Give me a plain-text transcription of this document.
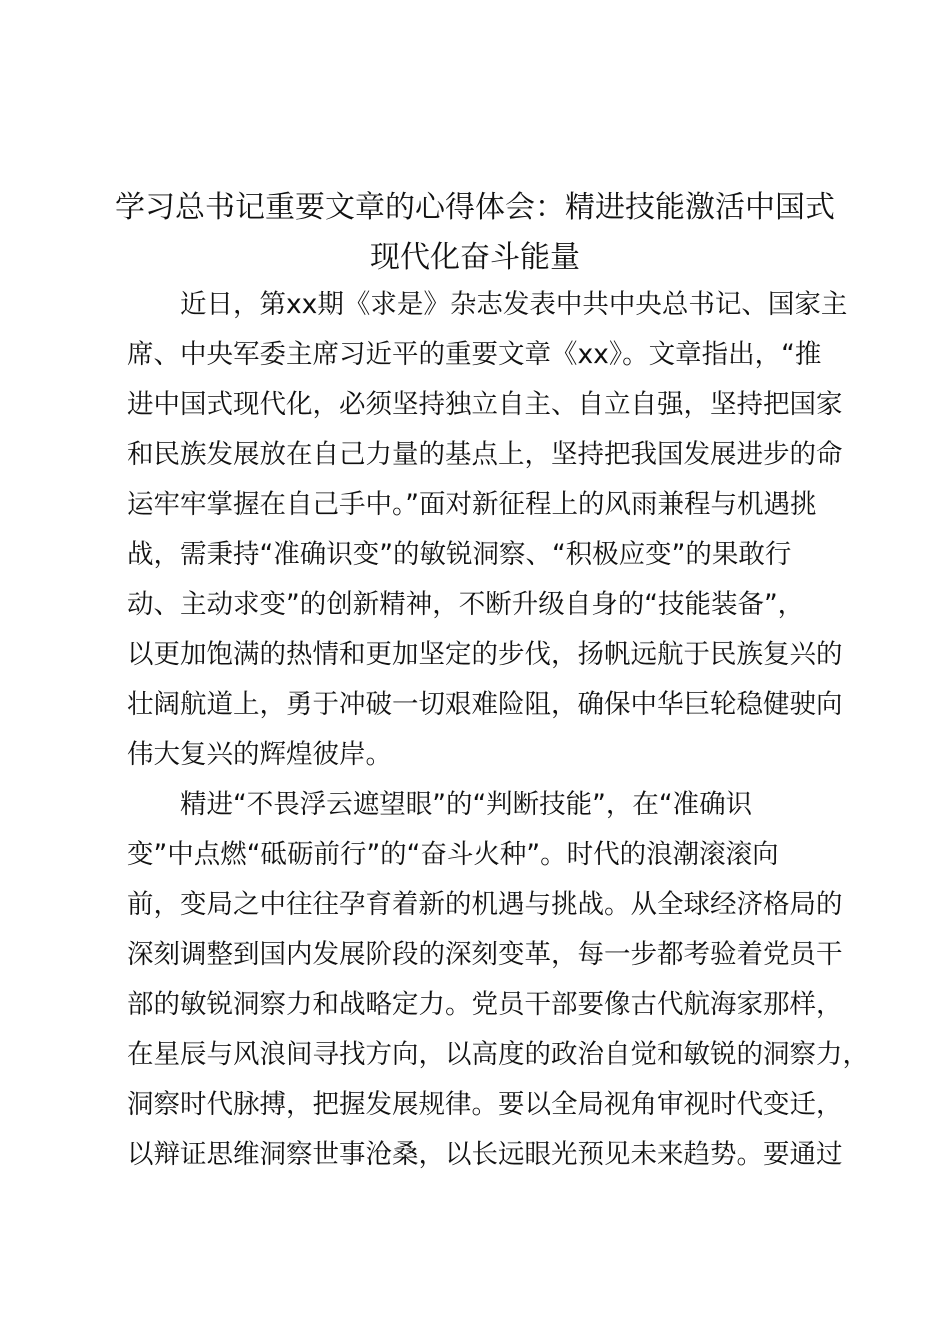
学习总书记重要文章的心得体会：精进技能激活中国式
现代化奋斗能量

近日，第xx期《求是》杂志发表中共中央总书记、国家主
席、中央军委主席习近平的重要文章《xx》。文章指出，“推
进中国式现代化，必须坚持独立自主、自立自强，坚持把国家
和民族发展放在自己力量的基点上，坚持把我国发展进步的命
运牢牢掌握在自己手中。”面对新征程上的风雨兼程与机遇挑
战，需秉持“准确识变”的敏锐洞察、“积极应变”的果敢行
动、主动求变”的创新精神，不断升级自身的“技能装备”，
以更加饱满的热情和更加坚定的步伐，扬帆远航于民族复兴的
壮阔航道上，勇于冲破一切艰难险阻，确保中华巨轮稳健驶向
伟大复兴的辉煌彼岸。

精进“不畏浮云遮望眼”的“判断技能”，在“准确识
变”中点燃“砥砺前行”的“奋斗火种”。时代的浪潮滚滚向
前，变局之中往往孕育着新的机遇与挑战。从全球经济格局的
深刻调整到国内发展阶段的深刻变革，每一步都考验着党员干
部的敏锐洞察力和战略定力。党员干部要像古代航海家那样，
在星辰与风浪间寻找方向，以高度的政治自觉和敏锐的洞察力，
洞察时代脉搏，把握发展规律。要以全局视角审视时代变迁，
以辩证思维洞察世事沧桑，以长远眼光预见未来趋势。要通过
